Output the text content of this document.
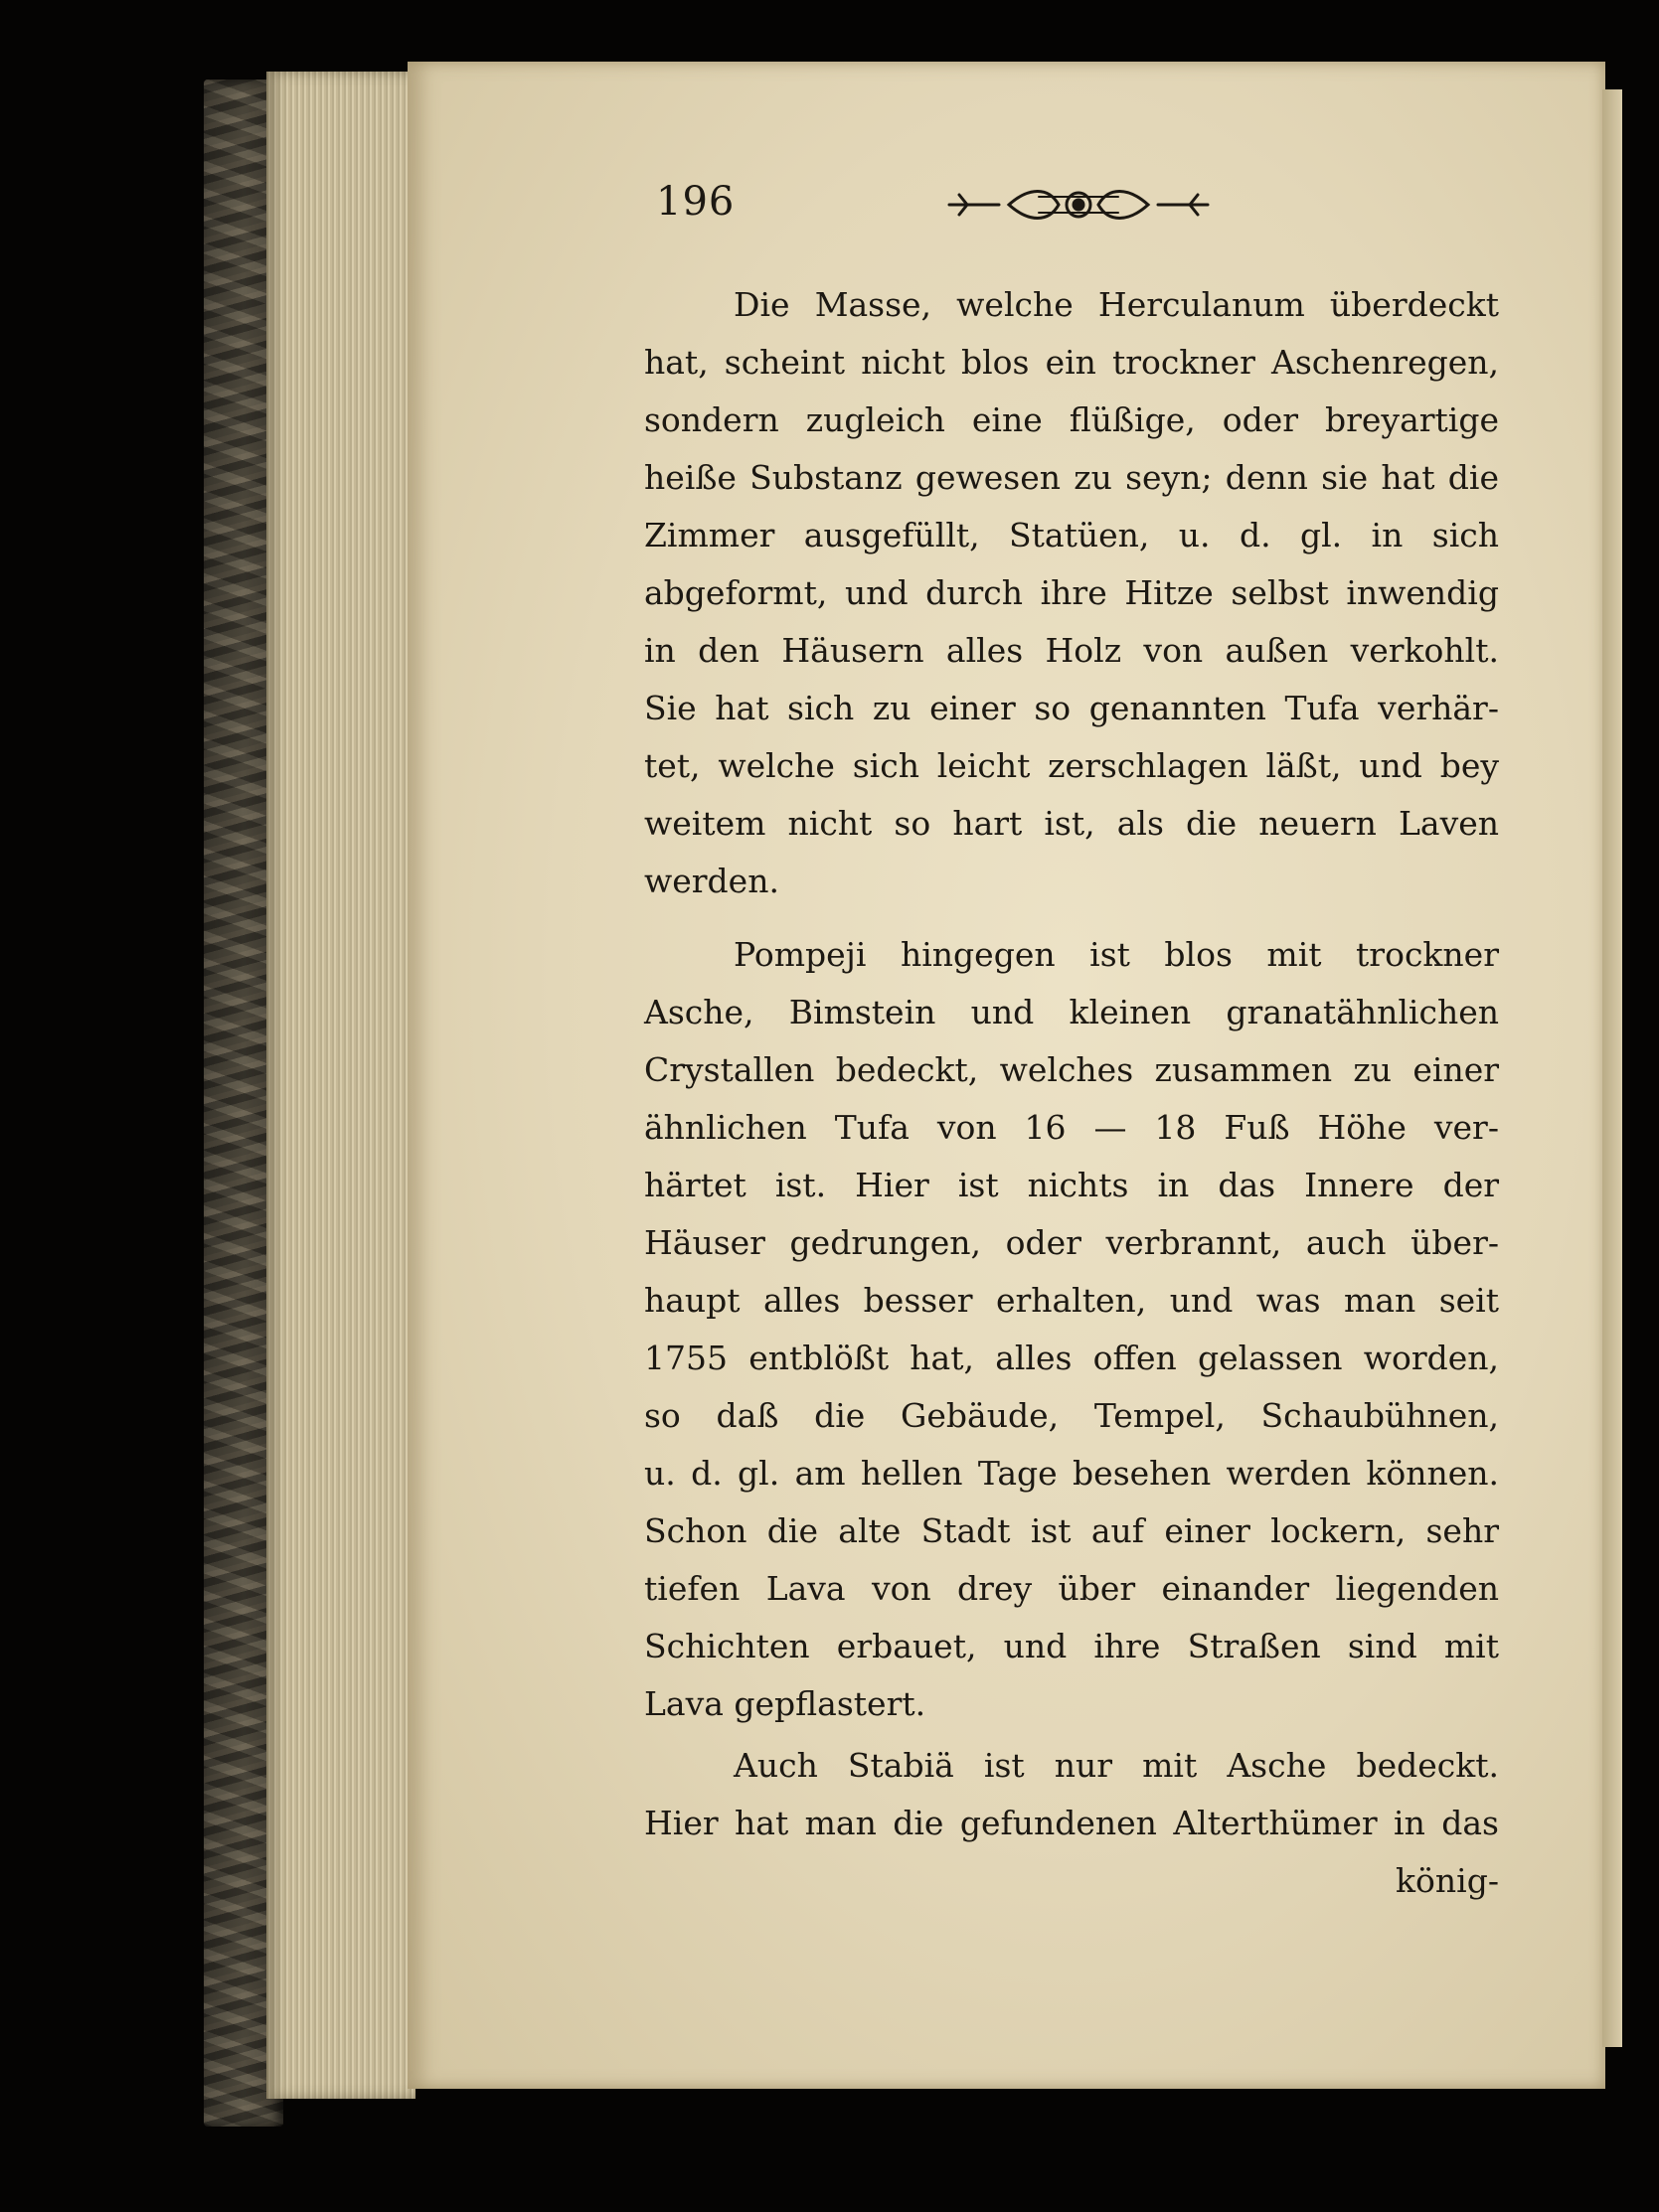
196

Die Masse, welche Herculanum überdeckt
hat, scheint nicht blos ein trockner Aschenregen,
sondern zugleich eine flüßige, oder breyartige
heiße Substanz gewesen zu seyn; denn sie hat die
Zimmer ausgefüllt, Statüen, u. d. gl. in sich
abgeformt, und durch ihre Hitze selbst inwendig
in den Häusern alles Holz von außen verkohlt.
Sie hat sich zu einer so genannten Tufa verhär-
tet, welche sich leicht zerschlagen läßt, und bey
weitem nicht so hart ist, als die neuern Laven
werden.

Pompeji hingegen ist blos mit trockner
Asche, Bimstein und kleinen granatähnlichen
Crystallen bedeckt, welches zusammen zu einer
ähnlichen Tufa von 16 — 18 Fuß Höhe ver-
härtet ist. Hier ist nichts in das Innere der
Häuser gedrungen, oder verbrannt, auch über-
haupt alles besser erhalten, und was man seit
1755 entblößt hat, alles offen gelassen worden,
so daß die Gebäude, Tempel, Schaubühnen,
u. d. gl. am hellen Tage besehen werden können.
Schon die alte Stadt ist auf einer lockern, sehr
tiefen Lava von drey über einander liegenden
Schichten erbauet, und ihre Straßen sind mit
Lava gepflastert.

Auch Stabiä ist nur mit Asche bedeckt.
Hier hat man die gefundenen Alterthümer in das
könig-
